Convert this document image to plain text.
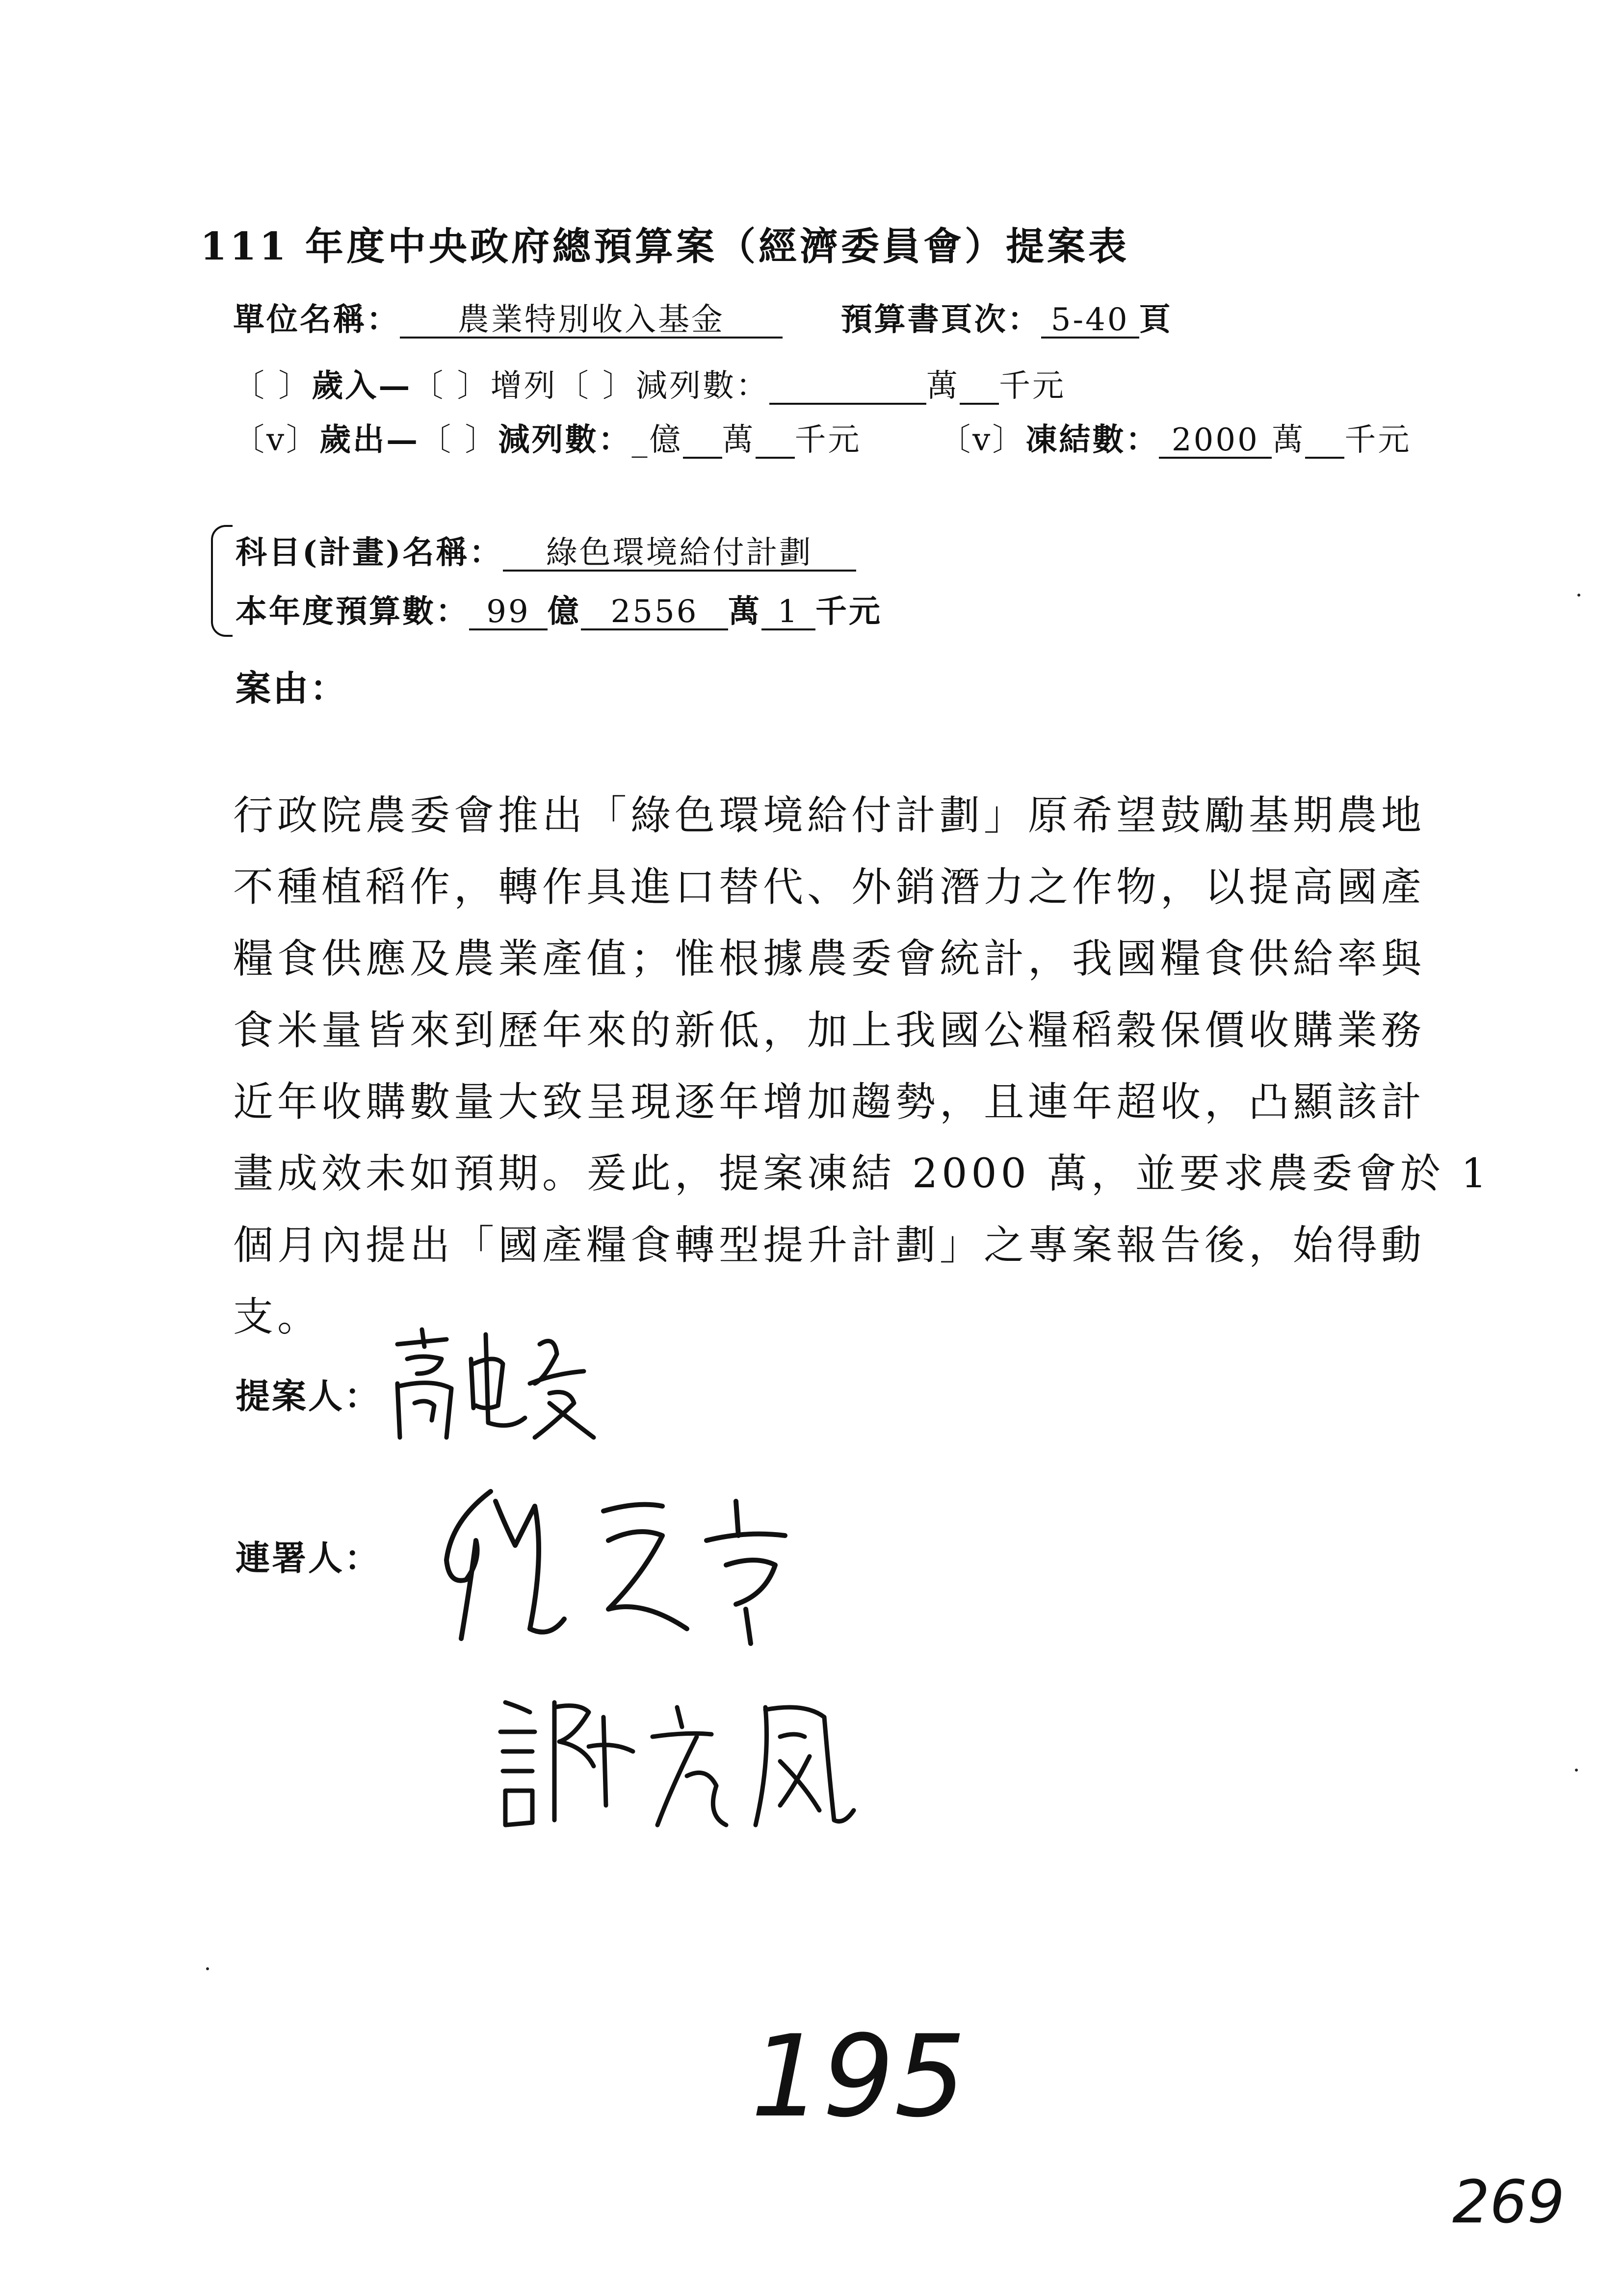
111 年度中央政府總預算案（經濟委員會）提案表
單位名稱： 農業特別收入基金	預算書頁次： 5-40 頁
〔 〕歲入—〔 〕增列〔 〕減列數：	萬 千元
〔v〕歲出—〔 〕減列數：_億 萬 千元 〔v〕凍結數： 2000 萬 千元
科目(計畫)名稱： 綠色環境給付計劃
本年度預算數： 99 億 2556 萬 1 千元
案由：
行政院農委會推出「綠色環境給付計劃」原希望鼓勵基期農地
不種植稻作，轉作具進口替代、外銷潛力之作物，以提高國產
糧食供應及農業產值；惟根據農委會統計，我國糧食供給率與
食米量皆來到歷年來的新低，加上我國公糧稻穀保價收購業務
近年收購數量大致呈現逐年增加趨勢，且連年超收，凸顯該計
畫成效未如預期。爰此，提案凍結 2000 萬，並要求農委會於 1
個月內提出「國產糧食轉型提升計劃」之專案報告後，始得動
支。
提案人：
連署人：
195
269
